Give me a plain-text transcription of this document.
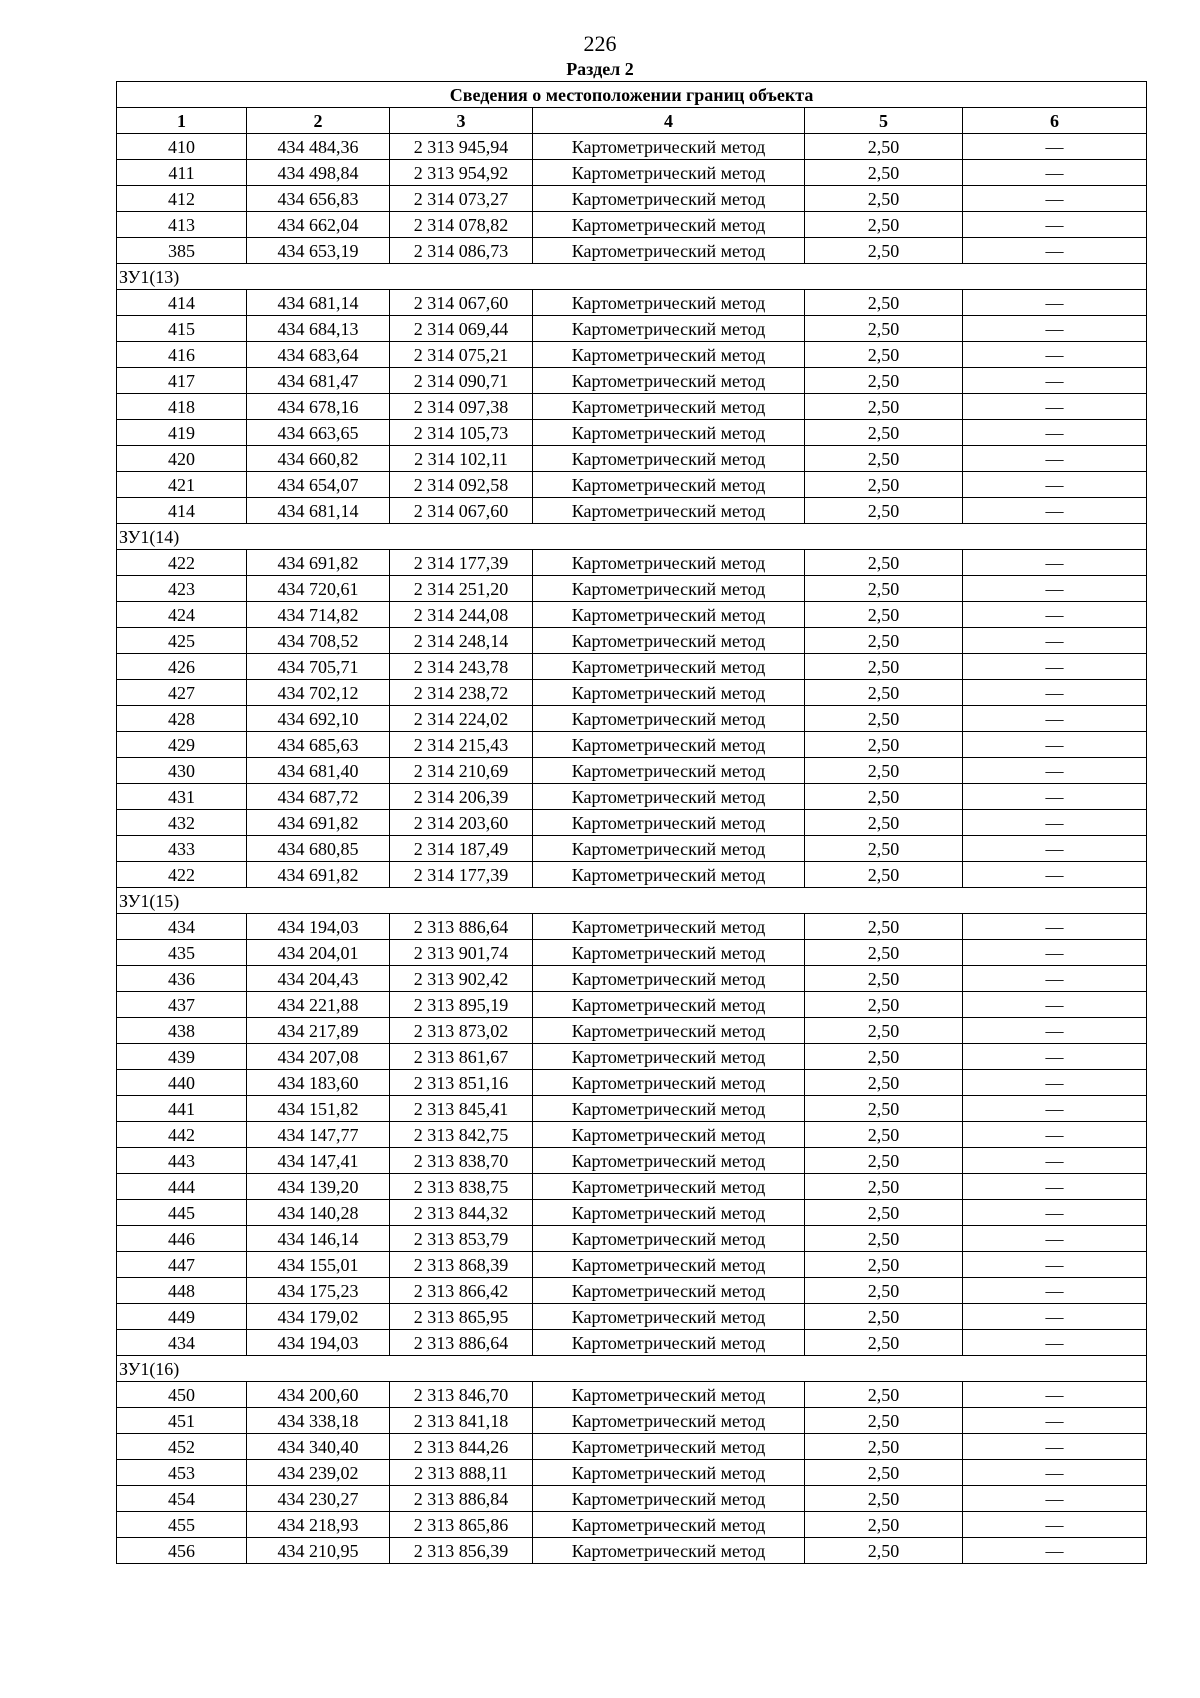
226
Раздел 2
Сведения о местоположении границ объекта					
1	2	3	4	5	6
410	434 484,36	2 313 945,94	Картометрический метод	2,50	—
411	434 498,84	2 313 954,92	Картометрический метод	2,50	—
412	434 656,83	2 314 073,27	Картометрический метод	2,50	—
413	434 662,04	2 314 078,82	Картометрический метод	2,50	—
385	434 653,19	2 314 086,73	Картометрический метод	2,50	—
ЗУ1(13)					
414	434 681,14	2 314 067,60	Картометрический метод	2,50	—
415	434 684,13	2 314 069,44	Картометрический метод	2,50	—
416	434 683,64	2 314 075,21	Картометрический метод	2,50	—
417	434 681,47	2 314 090,71	Картометрический метод	2,50	—
418	434 678,16	2 314 097,38	Картометрический метод	2,50	—
419	434 663,65	2 314 105,73	Картометрический метод	2,50	—
420	434 660,82	2 314 102,11	Картометрический метод	2,50	—
421	434 654,07	2 314 092,58	Картометрический метод	2,50	—
414	434 681,14	2 314 067,60	Картометрический метод	2,50	—
ЗУ1(14)					
422	434 691,82	2 314 177,39	Картометрический метод	2,50	—
423	434 720,61	2 314 251,20	Картометрический метод	2,50	—
424	434 714,82	2 314 244,08	Картометрический метод	2,50	—
425	434 708,52	2 314 248,14	Картометрический метод	2,50	—
426	434 705,71	2 314 243,78	Картометрический метод	2,50	—
427	434 702,12	2 314 238,72	Картометрический метод	2,50	—
428	434 692,10	2 314 224,02	Картометрический метод	2,50	—
429	434 685,63	2 314 215,43	Картометрический метод	2,50	—
430	434 681,40	2 314 210,69	Картометрический метод	2,50	—
431	434 687,72	2 314 206,39	Картометрический метод	2,50	—
432	434 691,82	2 314 203,60	Картометрический метод	2,50	—
433	434 680,85	2 314 187,49	Картометрический метод	2,50	—
422	434 691,82	2 314 177,39	Картометрический метод	2,50	—
ЗУ1(15)					
434	434 194,03	2 313 886,64	Картометрический метод	2,50	—
435	434 204,01	2 313 901,74	Картометрический метод	2,50	—
436	434 204,43	2 313 902,42	Картометрический метод	2,50	—
437	434 221,88	2 313 895,19	Картометрический метод	2,50	—
438	434 217,89	2 313 873,02	Картометрический метод	2,50	—
439	434 207,08	2 313 861,67	Картометрический метод	2,50	—
440	434 183,60	2 313 851,16	Картометрический метод	2,50	—
441	434 151,82	2 313 845,41	Картометрический метод	2,50	—
442	434 147,77	2 313 842,75	Картометрический метод	2,50	—
443	434 147,41	2 313 838,70	Картометрический метод	2,50	—
444	434 139,20	2 313 838,75	Картометрический метод	2,50	—
445	434 140,28	2 313 844,32	Картометрический метод	2,50	—
446	434 146,14	2 313 853,79	Картометрический метод	2,50	—
447	434 155,01	2 313 868,39	Картометрический метод	2,50	—
448	434 175,23	2 313 866,42	Картометрический метод	2,50	—
449	434 179,02	2 313 865,95	Картометрический метод	2,50	—
434	434 194,03	2 313 886,64	Картометрический метод	2,50	—
ЗУ1(16)					
450	434 200,60	2 313 846,70	Картометрический метод	2,50	—
451	434 338,18	2 313 841,18	Картометрический метод	2,50	—
452	434 340,40	2 313 844,26	Картометрический метод	2,50	—
453	434 239,02	2 313 888,11	Картометрический метод	2,50	—
454	434 230,27	2 313 886,84	Картометрический метод	2,50	—
455	434 218,93	2 313 865,86	Картометрический метод	2,50	—
456	434 210,95	2 313 856,39	Картометрический метод	2,50	—
